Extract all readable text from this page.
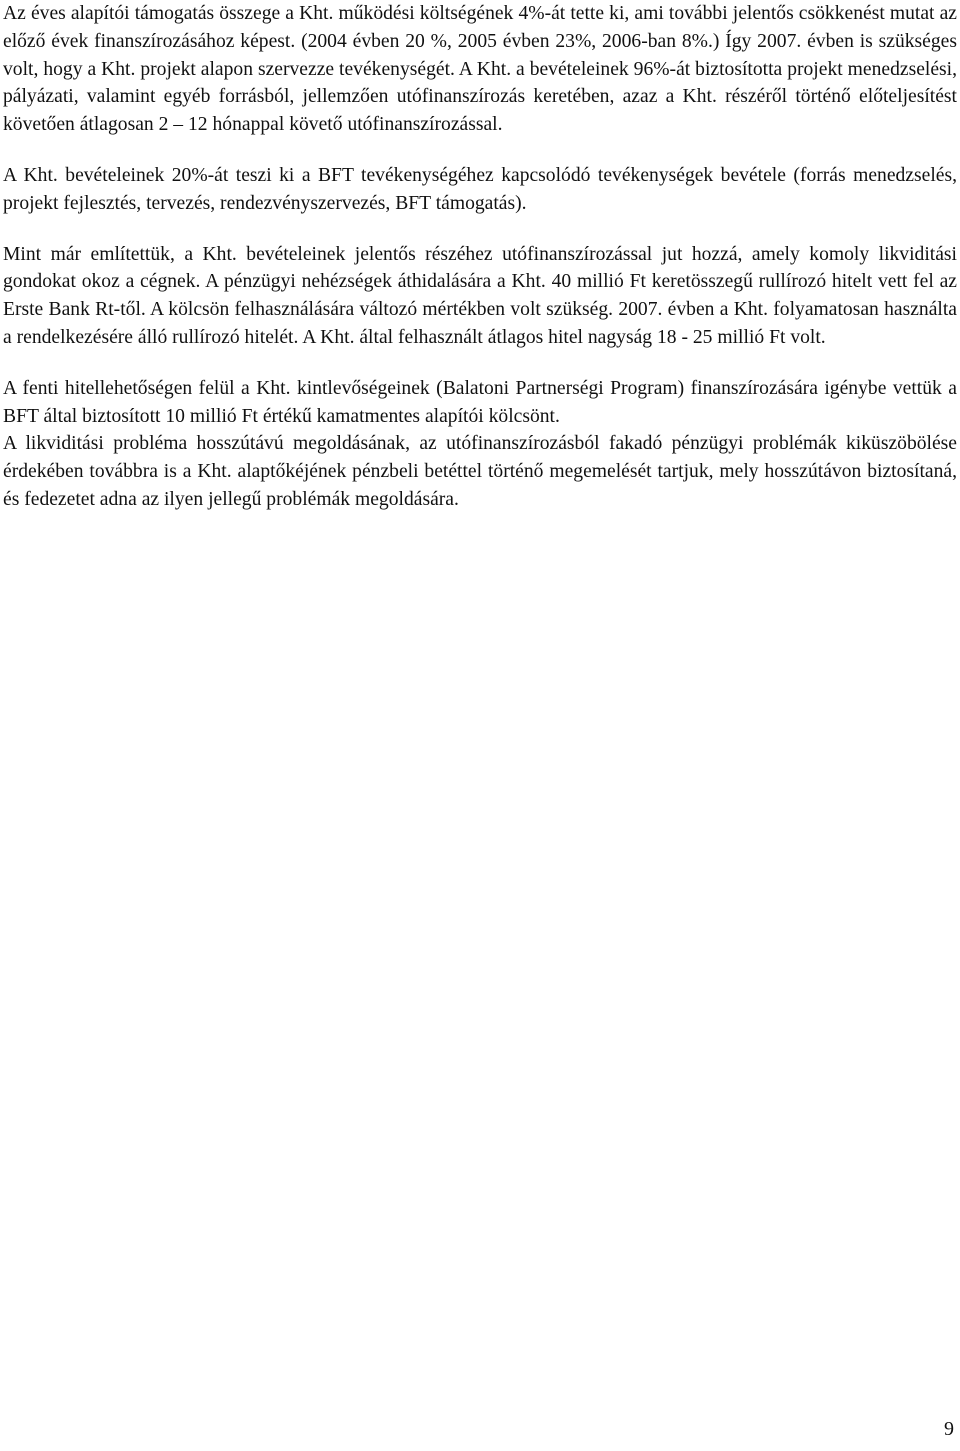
Az éves alapítói támogatás összege a Kht. működési költségének 4%-át tette ki, ami további jelentős csökkenést mutat az előző évek finanszírozásához képest. (2004 évben 20 %, 2005 évben 23%, 2006-ban 8%.) Így 2007. évben is szükséges volt, hogy a Kht. projekt alapon szervezze tevékenységét. A Kht. a bevételeinek 96%-át biztosította projekt menedzselési, pályázati, valamint egyéb forrásból, jellemzően utófinanszírozás keretében, azaz a Kht. részéről történő előteljesítést követően átlagosan 2 – 12 hónappal követő utófinanszírozással.

A Kht. bevételeinek 20%-át teszi ki a BFT tevékenységéhez kapcsolódó tevékenységek bevétele (forrás menedzselés, projekt fejlesztés, tervezés, rendezvényszervezés, BFT támogatás).

Mint már említettük, a Kht. bevételeinek jelentős részéhez utófinanszírozással jut hozzá, amely komoly likviditási gondokat okoz a cégnek. A pénzügyi nehézségek áthidalására a Kht. 40 millió Ft keretösszegű rullírozó hitelt vett fel az Erste Bank Rt-től. A kölcsön felhasználására változó mértékben volt szükség. 2007. évben a Kht. folyamatosan használta a rendelkezésére álló rullírozó hitelét. A Kht. által felhasznált átlagos hitel nagyság 18 - 25 millió Ft volt.

A fenti hitellehetőségen felül a Kht. kintlevőségeinek (Balatoni Partnerségi Program) finanszírozására igénybe vettük a BFT által biztosított 10 millió Ft értékű kamatmentes alapítói kölcsönt.

A likviditási probléma hosszútávú megoldásának, az utófinanszírozásból fakadó pénzügyi problémák kiküszöbölése érdekében továbbra is a Kht. alaptőkéjének pénzbeli betéttel történő megemelését tartjuk, mely hosszútávon biztosítaná, és fedezetet adna az ilyen jellegű problémák megoldására.

9
